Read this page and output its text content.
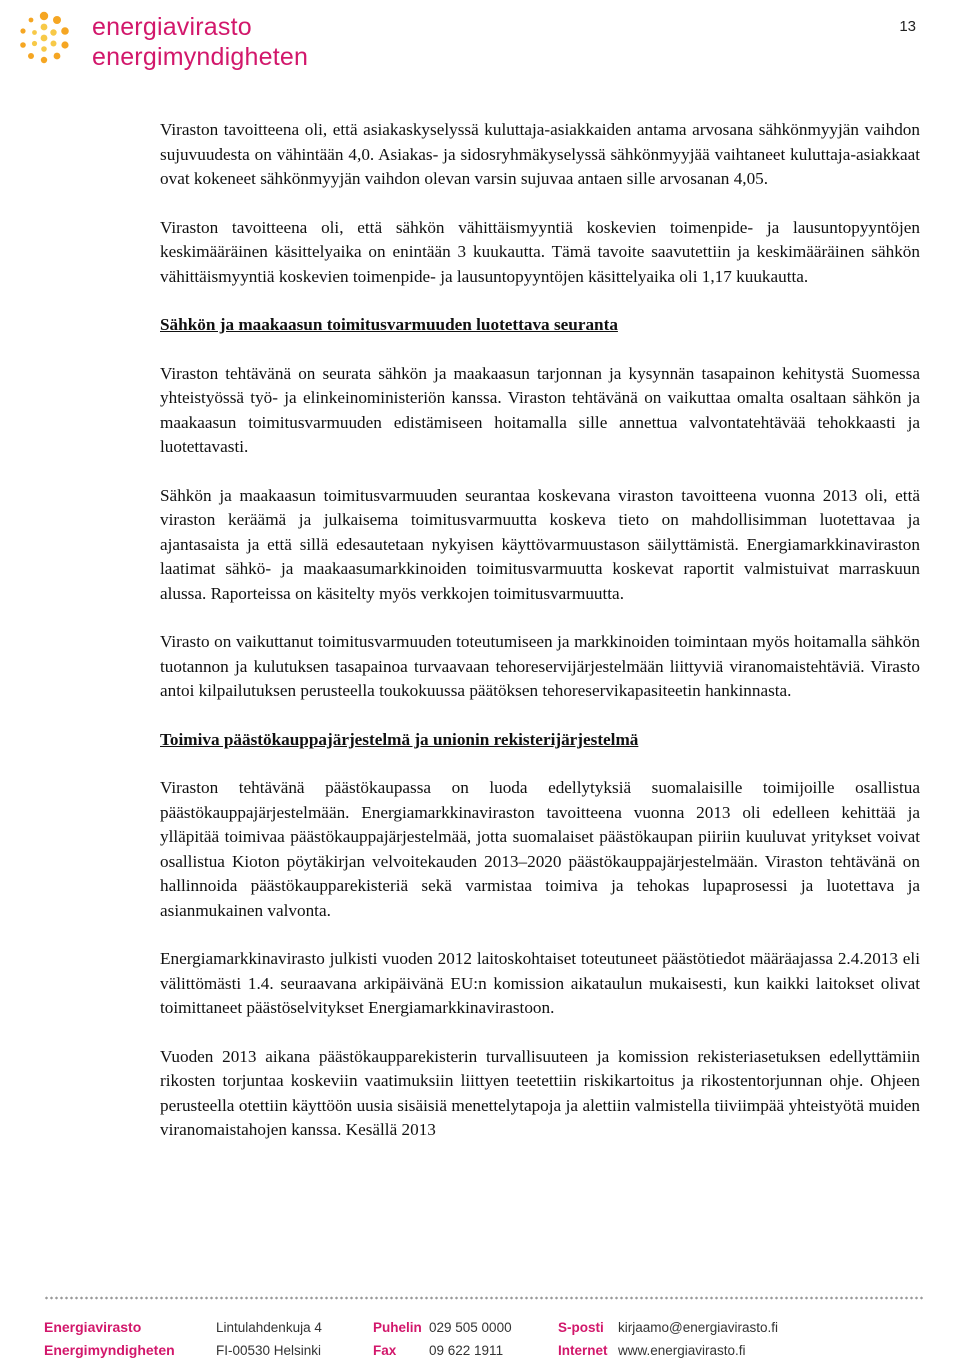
energiavirasto
energimyndigheten
13

Viraston tavoitteena oli, että asiakaskyselyssä kuluttaja-asiakkaiden antama arvosana sähkönmyyjän vaihdon sujuvuudesta on vähintään 4,0. Asiakas- ja sidosryhmäkyselyssä sähkönmyyjää vaihtaneet kuluttaja-asiakkaat ovat kokeneet sähkönmyyjän vaihdon olevan varsin sujuvaa antaen sille arvosanan 4,05.

Viraston tavoitteena oli, että sähkön vähittäismyyntiä koskevien toimenpide- ja lausuntopyyntöjen keskimääräinen käsittelyaika on enintään 3 kuukautta. Tämä tavoite saavutettiin ja keskimääräinen sähkön vähittäismyyntiä koskevien toimenpide- ja lausuntopyyntöjen käsittelyaika oli 1,17 kuukautta.

Sähkön ja maakaasun toimitusvarmuuden luotettava seuranta

Viraston tehtävänä on seurata sähkön ja maakaasun tarjonnan ja kysynnän tasapainon kehitystä Suomessa yhteistyössä työ- ja elinkeinoministeriön kanssa. Viraston tehtävänä on vaikuttaa omalta osaltaan sähkön ja maakaasun toimitusvarmuuden edistämiseen hoitamalla sille annettua valvontatehtävää tehokkaasti ja luotettavasti.

Sähkön ja maakaasun toimitusvarmuuden seurantaa koskevana viraston tavoitteena vuonna 2013 oli, että viraston keräämä ja julkaisema toimitusvarmuutta koskeva tieto on mahdollisimman luotettavaa ja ajantasaista ja että sillä edesautetaan nykyisen käyttövarmuustason säilyttämistä. Energiamarkkinaviraston laatimat sähkö- ja maakaasumarkkinoiden toimitusvarmuutta koskevat raportit valmistuivat marraskuun alussa. Raporteissa on käsitelty myös verkkojen toimitusvarmuutta.

Virasto on vaikuttanut toimitusvarmuuden toteutumiseen ja markkinoiden toimintaan myös hoitamalla sähkön tuotannon ja kulutuksen tasapainoa turvaavaan tehoreservijärjestelmään liittyviä viranomaistehtäviä. Virasto antoi kilpailutuksen perusteella toukokuussa päätöksen tehoreservikapasiteetin hankinnasta.

Toimiva päästökauppajärjestelmä ja unionin rekisterijärjestelmä

Viraston tehtävänä päästökaupassa on luoda edellytyksiä suomalaisille toimijoille osallistua päästökauppajärjestelmään. Energiamarkkinaviraston tavoitteena vuonna 2013 oli edelleen kehittää ja ylläpitää toimivaa päästökauppajärjestelmää, jotta suomalaiset päästökaupan piiriin kuuluvat yritykset voivat osallistua Kioton pöytäkirjan velvoitekauden 2013–2020 päästökauppajärjestelmään. Viraston tehtävänä on hallinnoida päästökaupparekisteriä sekä varmistaa toimiva ja tehokas lupaprosessi ja luotettava ja asianmukainen valvonta.

Energiamarkkinavirasto julkisti vuoden 2012 laitoskohtaiset toteutuneet päästötiedot määräajassa 2.4.2013 eli välittömästi 1.4. seuraavana arkipäivänä EU:n komission aikataulun mukaisesti, kun kaikki laitokset olivat toimittaneet päästöselvitykset Energiamarkkinavirastoon.

Vuoden 2013 aikana päästökaupparekisterin turvallisuuteen ja komission rekisteriasetuksen edellyttämiin rikosten torjuntaa koskeviin vaatimuksiin liittyen teetettiin riskikartoitus ja rikostentorjunnan ohje. Ohjeen perusteella otettiin käyttöön uusia sisäisiä menettelytapoja ja alettiin valmistella tiiviimpää yhteistyötä muiden viranomaistahojen kanssa. Kesällä 2013

Energiavirasto
Energimyndigheten
Lintulahdenkuja 4
FI-00530 Helsinki
Puhelin 029 505 0000
Fax 09 622 1911
S-posti kirjaamo@energiavirasto.fi
Internet www.energiavirasto.fi
